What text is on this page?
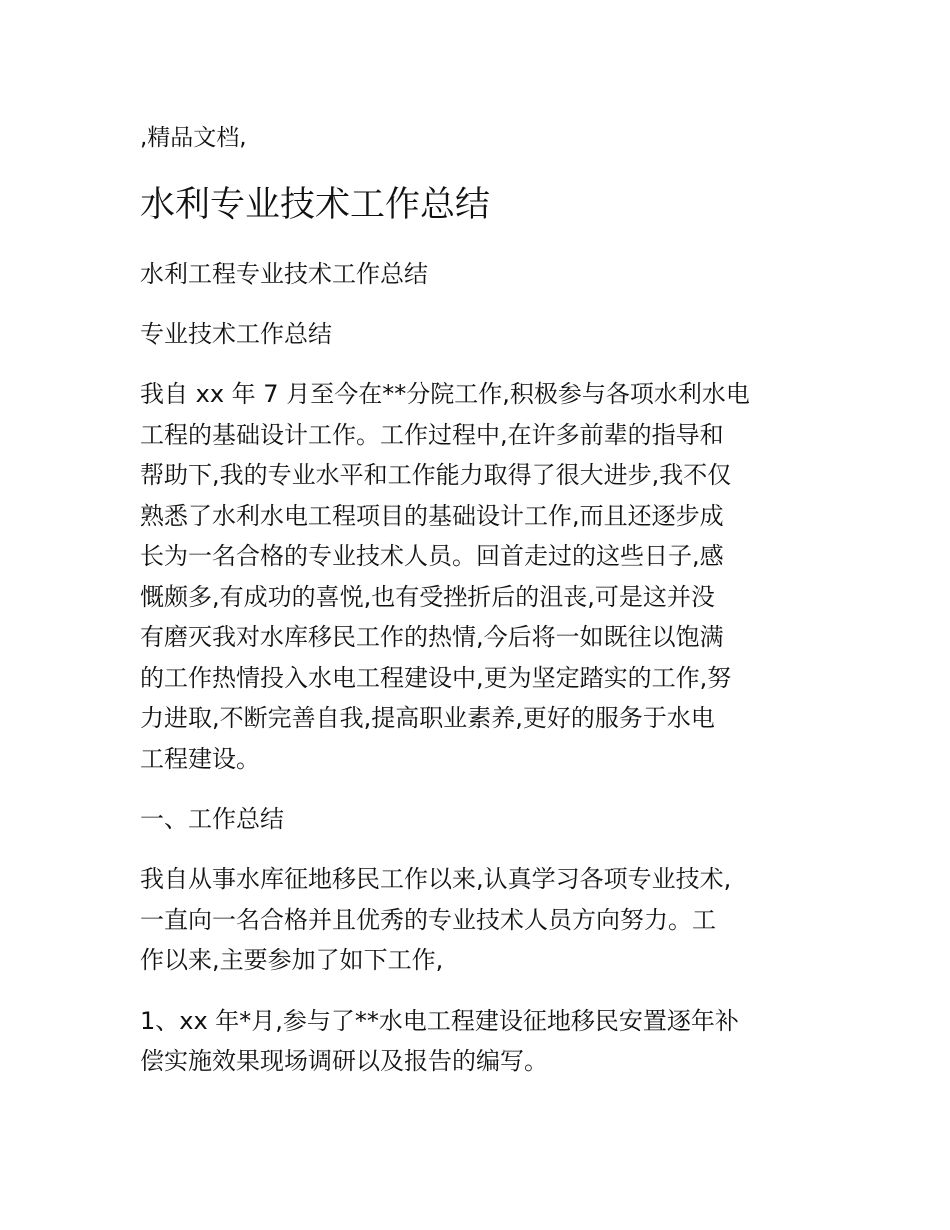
,精品文档,
水利专业技术工作总结
水利工程专业技术工作总结
专业技术工作总结
我自 xx 年 7 月至今在**分院工作,积极参与各项水利水电
工程的基础设计工作。工作过程中,在许多前辈的指导和
帮助下,我的专业水平和工作能力取得了很大进步,我不仅
熟悉了水利水电工程项目的基础设计工作,而且还逐步成
长为一名合格的专业技术人员。回首走过的这些日子,感
慨颇多,有成功的喜悦,也有受挫折后的沮丧,可是这并没
有磨灭我对水库移民工作的热情,今后将一如既往以饱满
的工作热情投入水电工程建设中,更为坚定踏实的工作,努
力进取,不断完善自我,提高职业素养,更好的服务于水电
工程建设。
一、工作总结
我自从事水库征地移民工作以来,认真学习各项专业技术,
一直向一名合格并且优秀的专业技术人员方向努力。工
作以来,主要参加了如下工作,
1、xx 年*月,参与了**水电工程建设征地移民安置逐年补
偿实施效果现场调研以及报告的编写。
